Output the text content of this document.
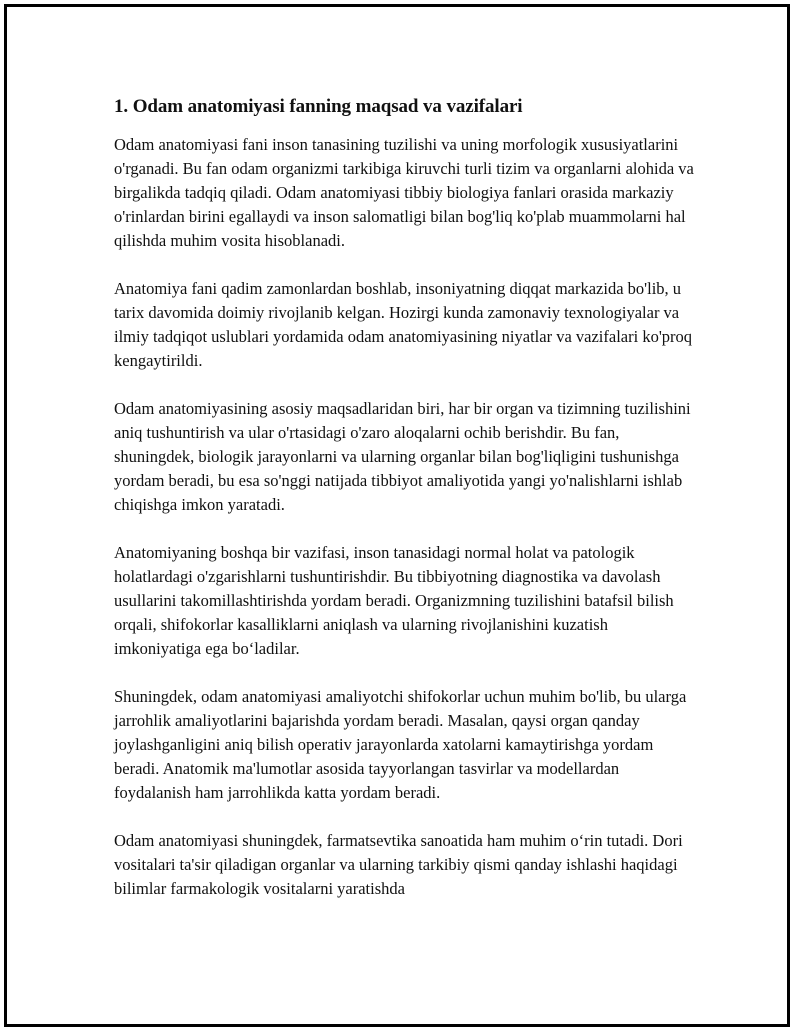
1. Odam anatomiyasi fanning maqsad va vazifalari

Odam anatomiyasi fani inson tanasining tuzilishi va uning morfologik xususiyatlarini o'rganadi. Bu fan odam organizmi tarkibiga kiruvchi turli tizim va organlarni alohida va birgalikda tadqiq qiladi. Odam anatomiyasi tibbiy biologiya fanlari orasida markaziy o'rinlardan birini egallaydi va inson salomatligi bilan bog'liq ko'plab muammolarni hal qilishda muhim vosita hisoblanadi.

Anatomiya fani qadim zamonlardan boshlab, insoniyatning diqqat markazida bo'lib, u tarix davomida doimiy rivojlanib kelgan. Hozirgi kunda zamonaviy texnologiyalar va ilmiy tadqiqot uslublari yordamida odam anatomiyasining niyatlar va vazifalari ko'proq kengaytirildi.

Odam anatomiyasining asosiy maqsadlaridan biri, har bir organ va tizimning tuzilishini aniq tushuntirish va ular o'rtasidagi o'zaro aloqalarni ochib berishdir. Bu fan, shuningdek, biologik jarayonlarni va ularning organlar bilan bog'liqligini tushunishga yordam beradi, bu esa so'nggi natijada tibbiyot amaliyotida yangi yo'nalishlarni ishlab chiqishga imkon yaratadi.

Anatomiyaning boshqa bir vazifasi, inson tanasidagi normal holat va patologik holatlardagi o'zgarishlarni tushuntirishdir. Bu tibbiyotning diagnostika va davolash usullarini takomillashtirishda yordam beradi. Organizmning tuzilishini batafsil bilish orqali, shifokorlar kasalliklarni aniqlash va ularning rivojlanishini kuzatish imkoniyatiga ega bo‘ladilar.

Shuningdek, odam anatomiyasi amaliyotchi shifokorlar uchun muhim bo'lib, bu ularga jarrohlik amaliyotlarini bajarishda yordam beradi. Masalan, qaysi organ qanday joylashganligini aniq bilish operativ jarayonlarda xatolarni kamaytirishga yordam beradi. Anatomik ma'lumotlar asosida tayyorlangan tasvirlar va modellardan foydalanish ham jarrohlikda katta yordam beradi.

Odam anatomiyasi shuningdek, farmatsevtika sanoatida ham muhim o‘rin tutadi. Dori vositalari ta'sir qiladigan organlar va ularning tarkibiy qismi qanday ishlashi haqidagi bilimlar farmakologik vositalarni yaratishda
